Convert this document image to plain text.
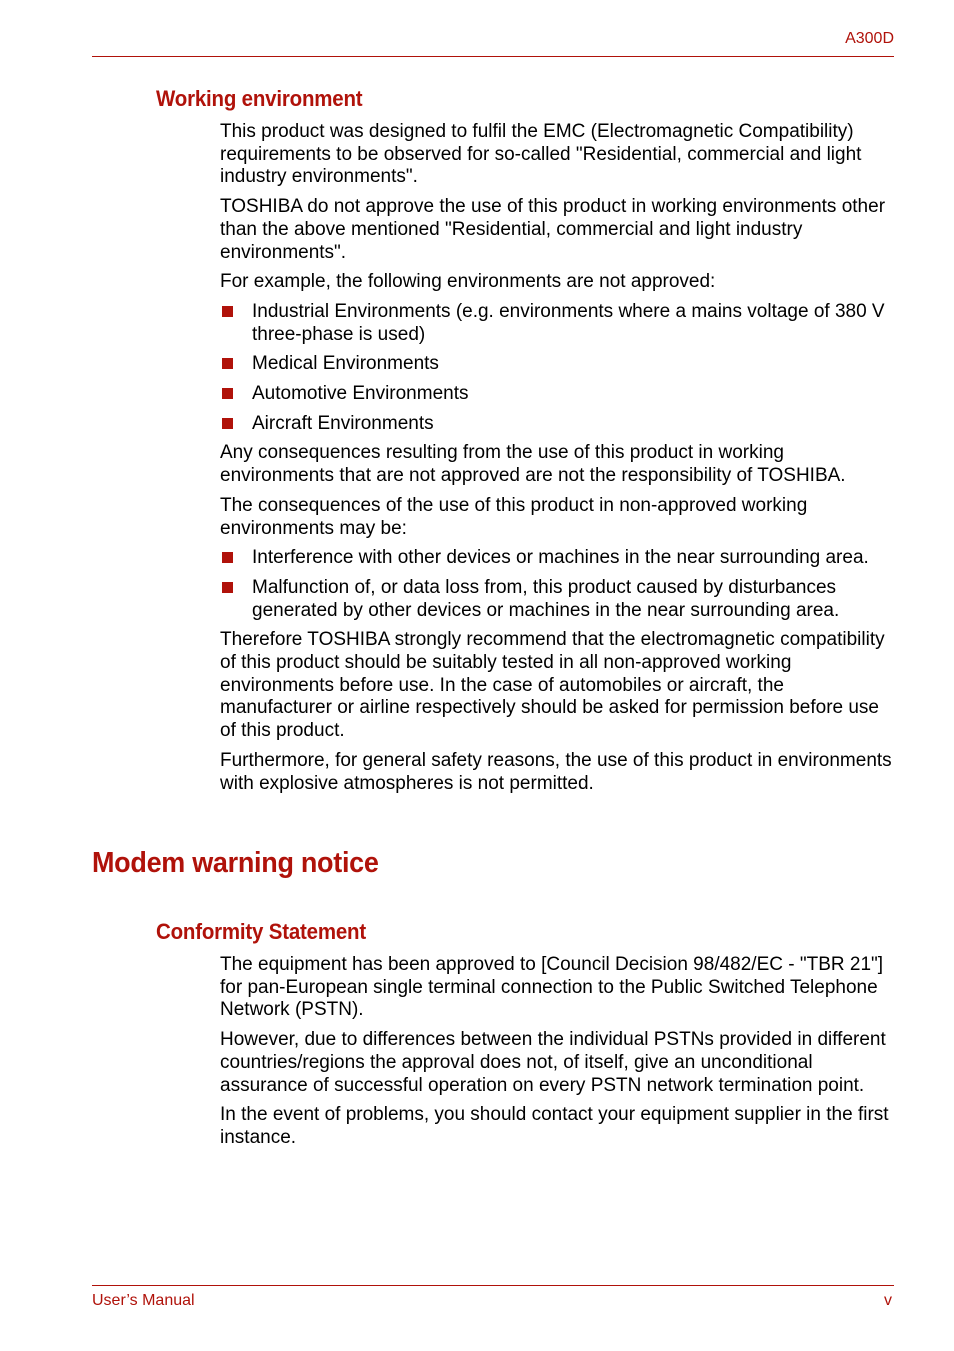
A300D
Working environment

This product was designed to fulfil the EMC (Electromagnetic Compatibility) requirements to be observed for so-called "Residential, commercial and light industry environments".

TOSHIBA do not approve the use of this product in working environments other than the above mentioned "Residential, commercial and light industry environments".

For example, the following environments are not approved:

Industrial Environments (e.g. environments where a mains voltage of 380 V three-phase is used)
Medical Environments
Automotive Environments
Aircraft Environments

Any consequences resulting from the use of this product in working environments that are not approved are not the responsibility of TOSHIBA.

The consequences of the use of this product in non-approved working environments may be:

Interference with other devices or machines in the near surrounding area.
Malfunction of, or data loss from, this product caused by disturbances generated by other devices or machines in the near surrounding area.

Therefore TOSHIBA strongly recommend that the electromagnetic compatibility of this product should be suitably tested in all non-approved working environments before use. In the case of automobiles or aircraft, the manufacturer or airline respectively should be asked for permission before use of this product.

Furthermore, for general safety reasons, the use of this product in environments with explosive atmospheres is not permitted.

Modem warning notice
Conformity Statement

The equipment has been approved to [Council Decision 98/482/EC - "TBR 21"] for pan-European single terminal connection to the Public Switched Telephone Network (PSTN).

However, due to differences between the individual PSTNs provided in different countries/regions the approval does not, of itself, give an unconditional assurance of successful operation on every PSTN network termination point.

In the event of problems, you should contact your equipment supplier in the first instance.

User’s Manual	v
